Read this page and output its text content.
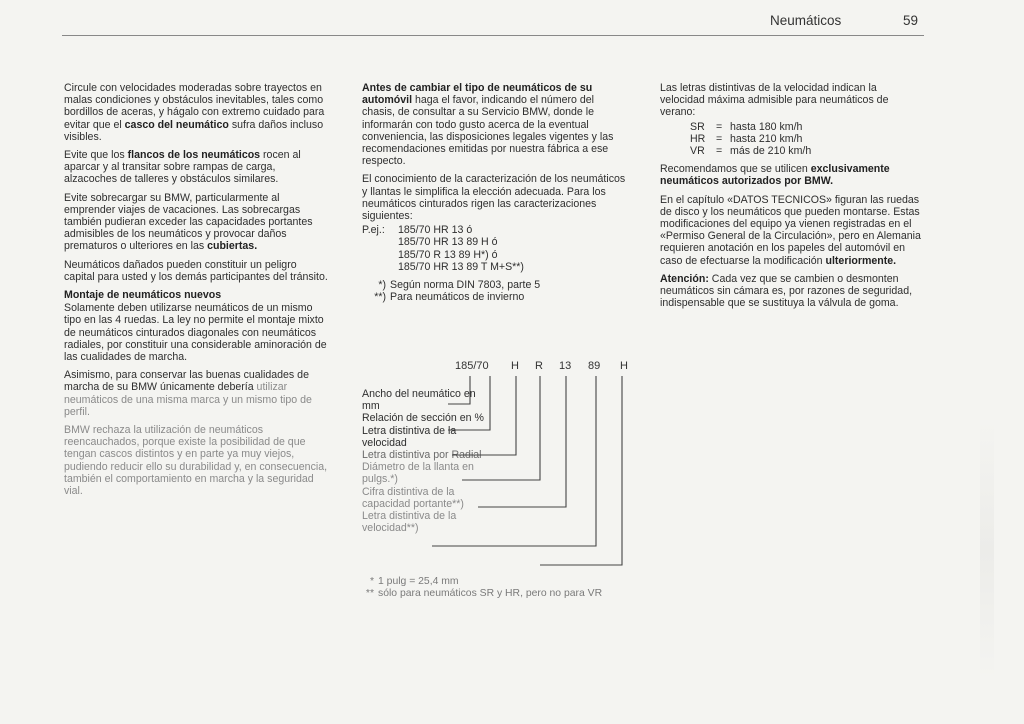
Neumáticos	59

Circule con velocidades moderadas sobre trayectos en malas condiciones y obstáculos inevitables, tales como bordillos de aceras, y hágalo con extremo cuidado para evitar que el casco del neumático sufra daños incluso visibles.

Evite que los flancos de los neumáticos rocen al aparcar y al transitar sobre rampas de carga, alzacoches de talleres y obstáculos similares.

Evite sobrecargar su BMW, particularmente al emprender viajes de vacaciones. Las sobrecargas también pudieran exceder las capacidades portantes admisibles de los neumáticos y provocar daños prematuros o ulteriores en las cubiertas.

Neumáticos dañados pueden constituir un peligro capital para usted y los demás participantes del tránsito.

Montaje de neumáticos nuevos

Solamente deben utilizarse neumáticos de un mismo tipo en las 4 ruedas. La ley no permite el montaje mixto de neumáticos cinturados diagonales con neumáticos radiales, por constituir una considerable aminoración de las cualidades de marcha.

Asimismo, para conservar las buenas cualidades de marcha de su BMW únicamente debería utilizar neumáticos de una misma marca y un mismo tipo de perfil.

BMW rechaza la utilización de neumáticos reencauchados, porque existe la posibilidad de que tengan cascos distintos y en parte ya muy viejos, pudiendo reducir ello su durabilidad y, en consecuencia, también el comportamiento en marcha y la seguridad vial.

Antes de cambiar el tipo de neumáticos de su automóvil haga el favor, indicando el número del chasis, de consultar a su Servicio BMW, donde le informarán con todo gusto acerca de la eventual conveniencia, las disposiciones legales vigentes y las recomendaciones emitidas por nuestra fábrica a ese respecto.

El conocimiento de la caracterización de los neumáticos y llantas le simplifica la elección adecuada. Para los neumáticos cinturados rigen las caracterizaciones siguientes:

P.ej.:	185/70 HR 13 ó
185/70 HR 13 89 H ó
185/70 R 13 89 H*) ó
185/70 HR 13 89 T M+S**)
*) Según norma DIN 7803, parte 5
**) Para neumáticos de invierno
185/70 H R 13 89 H

Ancho del neumático en mm

Relación de sección en %

Letra distintiva de la velocidad

Letra distintiva por Radial

Diámetro de la llanta en pulgs.*)

Cifra distintiva de la capacidad portante**)

Letra distintiva de la velocidad**)

* 1 pulg = 25,4 mm
** sólo para neumáticos SR y HR, pero no para VR

Las letras distintivas de la velocidad indican la velocidad máxima admisible para neumáticos de verano:

SR	= hasta 180 km/h
HR	= hasta 210 km/h
VR	= más de 210 km/h

Recomendamos que se utilicen exclusivamente neumáticos autorizados por BMW.

En el capítulo «DATOS TECNICOS» figuran las ruedas de disco y los neumáticos que pueden montarse. Estas modificaciones del equipo ya vienen registradas en el «Permiso General de la Circulación», pero en Alemania requieren anotación en los papeles del automóvil en caso de efectuarse la modificación ulteriormente.

Atención: Cada vez que se cambien o desmonten neumáticos sin cámara es, por razones de seguridad, indispensable que se sustituya la válvula de goma.
